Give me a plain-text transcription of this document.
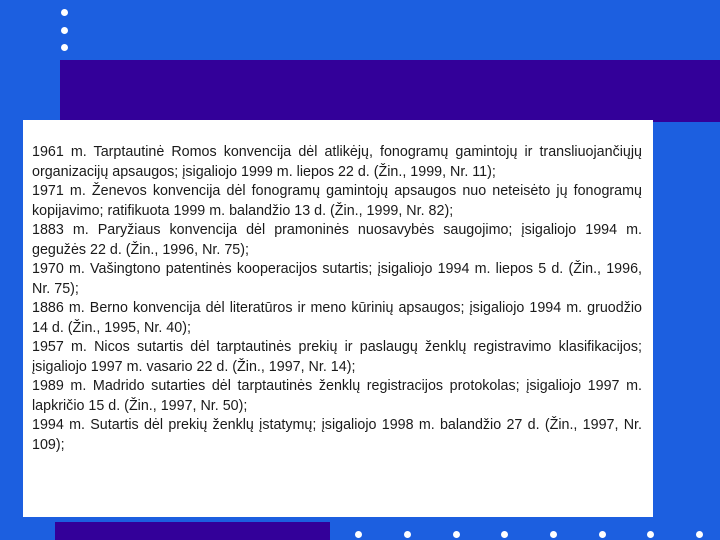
1961 m. Tarptautinė Romos konvencija dėl atlikėjų, fonogramų gamintojų ir transliuojančiųjų organizacijų apsaugos; įsigaliojo 1999 m. liepos 22 d. (Žin., 1999, Nr. 11);

1971 m. Ženevos konvencija dėl fonogramų gamintojų apsaugos nuo neteisėto jų fonogramų kopijavimo; ratifikuota 1999 m. balandžio 13 d. (Žin., 1999, Nr. 82);

1883 m. Paryžiaus konvencija dėl pramoninės nuosavybės saugojimo; įsigaliojo 1994 m. gegužės 22 d. (Žin., 1996, Nr. 75);

1970 m. Vašingtono patentinės kooperacijos sutartis; įsigaliojo 1994 m. liepos 5 d. (Žin., 1996, Nr. 75);

1886 m. Berno konvencija dėl literatūros ir meno kūrinių apsaugos; įsigaliojo 1994 m. gruodžio 14 d. (Žin., 1995, Nr. 40);

1957 m. Nicos sutartis dėl tarptautinės prekių ir paslaugų ženklų registravimo klasifikacijos; įsigaliojo 1997 m. vasario 22 d. (Žin., 1997, Nr. 14);

1989 m. Madrido sutarties dėl tarptautinės ženklų registracijos protokolas; įsigaliojo 1997 m. lapkričio 15 d. (Žin., 1997, Nr. 50);

1994 m. Sutartis dėl prekių ženklų įstatymų; įsigaliojo 1998 m. balandžio 27 d. (Žin., 1997, Nr. 109);
